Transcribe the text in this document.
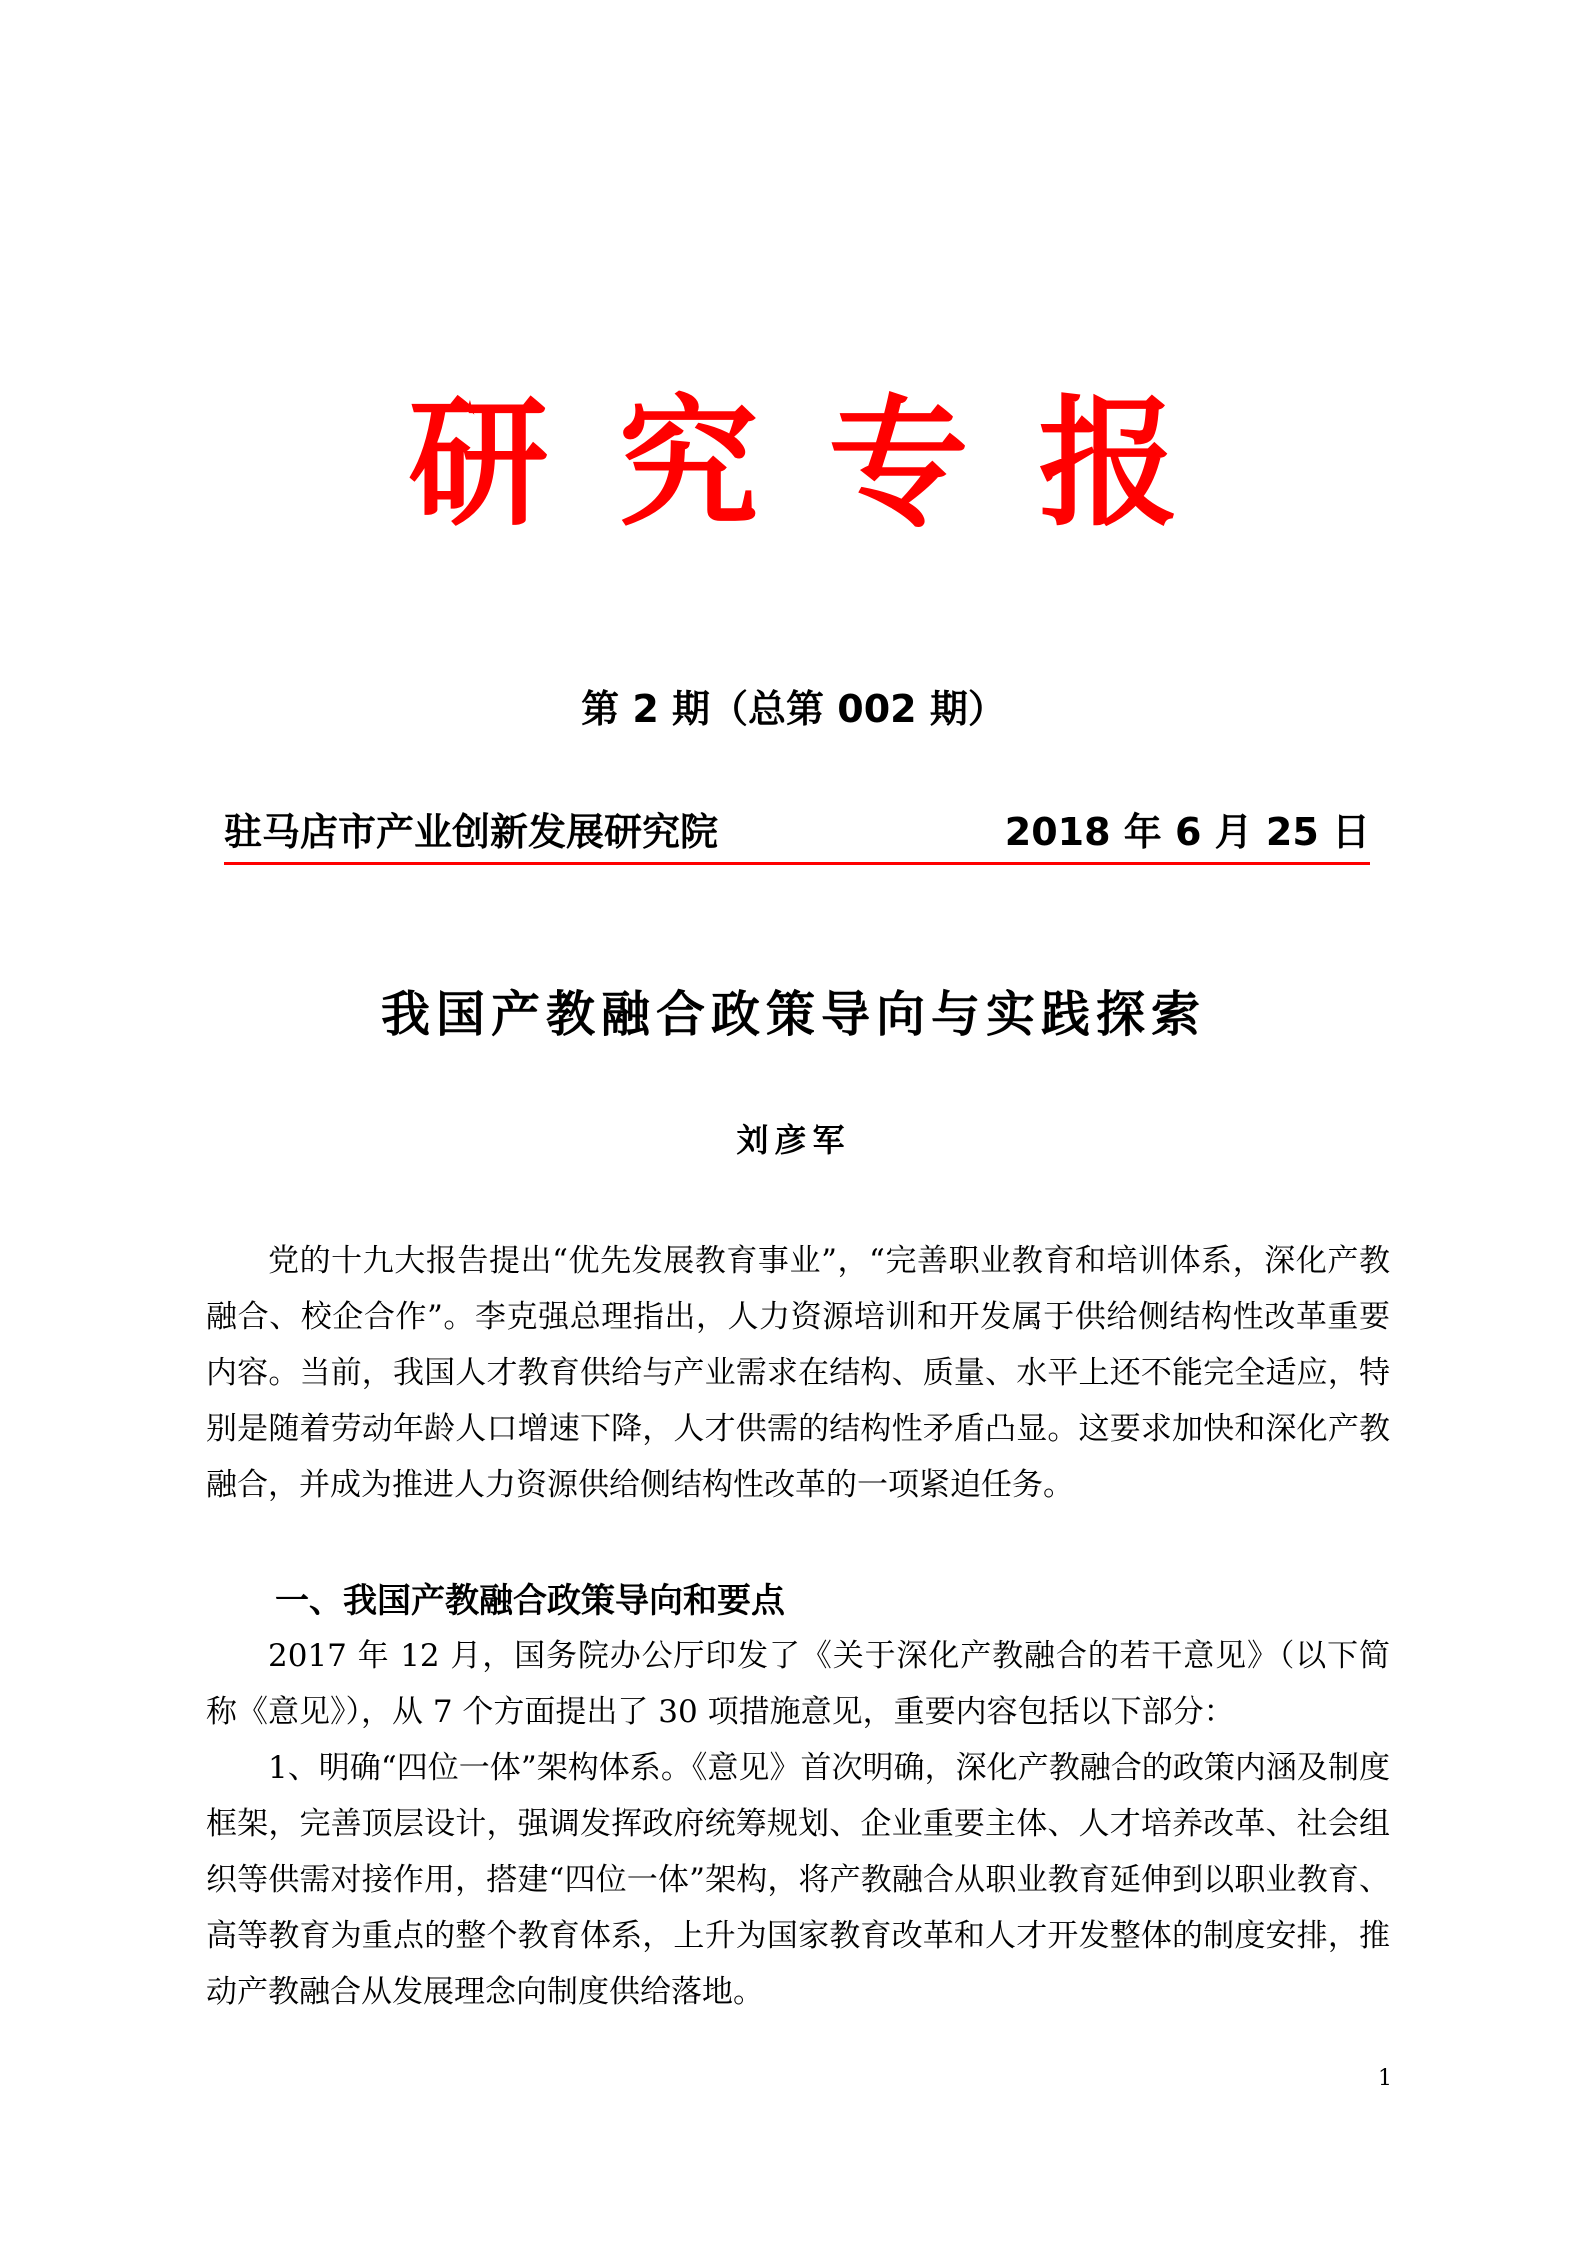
研究专报
第 2 期（总第 002 期）
驻马店市产业创新发展研究院	2018 年 6 月 25 日
我国产教融合政策导向与实践探索
刘彦军

党的十九大报告提出“优先发展教育事业”，“完善职业教育和培训体系，深化产教融合、校企合作”。李克强总理指出，人力资源培训和开发属于供给侧结构性改革重要内容。当前，我国人才教育供给与产业需求在结构、质量、水平上还不能完全适应，特别是随着劳动年龄人口增速下降，人才供需的结构性矛盾凸显。这要求加快和深化产教融合，并成为推进人力资源供给侧结构性改革的一项紧迫任务。

一、我国产教融合政策导向和要点

2017 年 12 月，国务院办公厅印发了《关于深化产教融合的若干意见》（以下简称《意见》），从 7 个方面提出了 30 项措施意见，重要内容包括以下部分：

1、明确“四位一体”架构体系。《意见》首次明确，深化产教融合的政策内涵及制度框架，完善顶层设计，强调发挥政府统筹规划、企业重要主体、人才培养改革、社会组织等供需对接作用，搭建“四位一体”架构，将产教融合从职业教育延伸到以职业教育、高等教育为重点的整个教育体系，上升为国家教育改革和人才开发整体的制度安排，推动产教融合从发展理念向制度供给落地。

1
